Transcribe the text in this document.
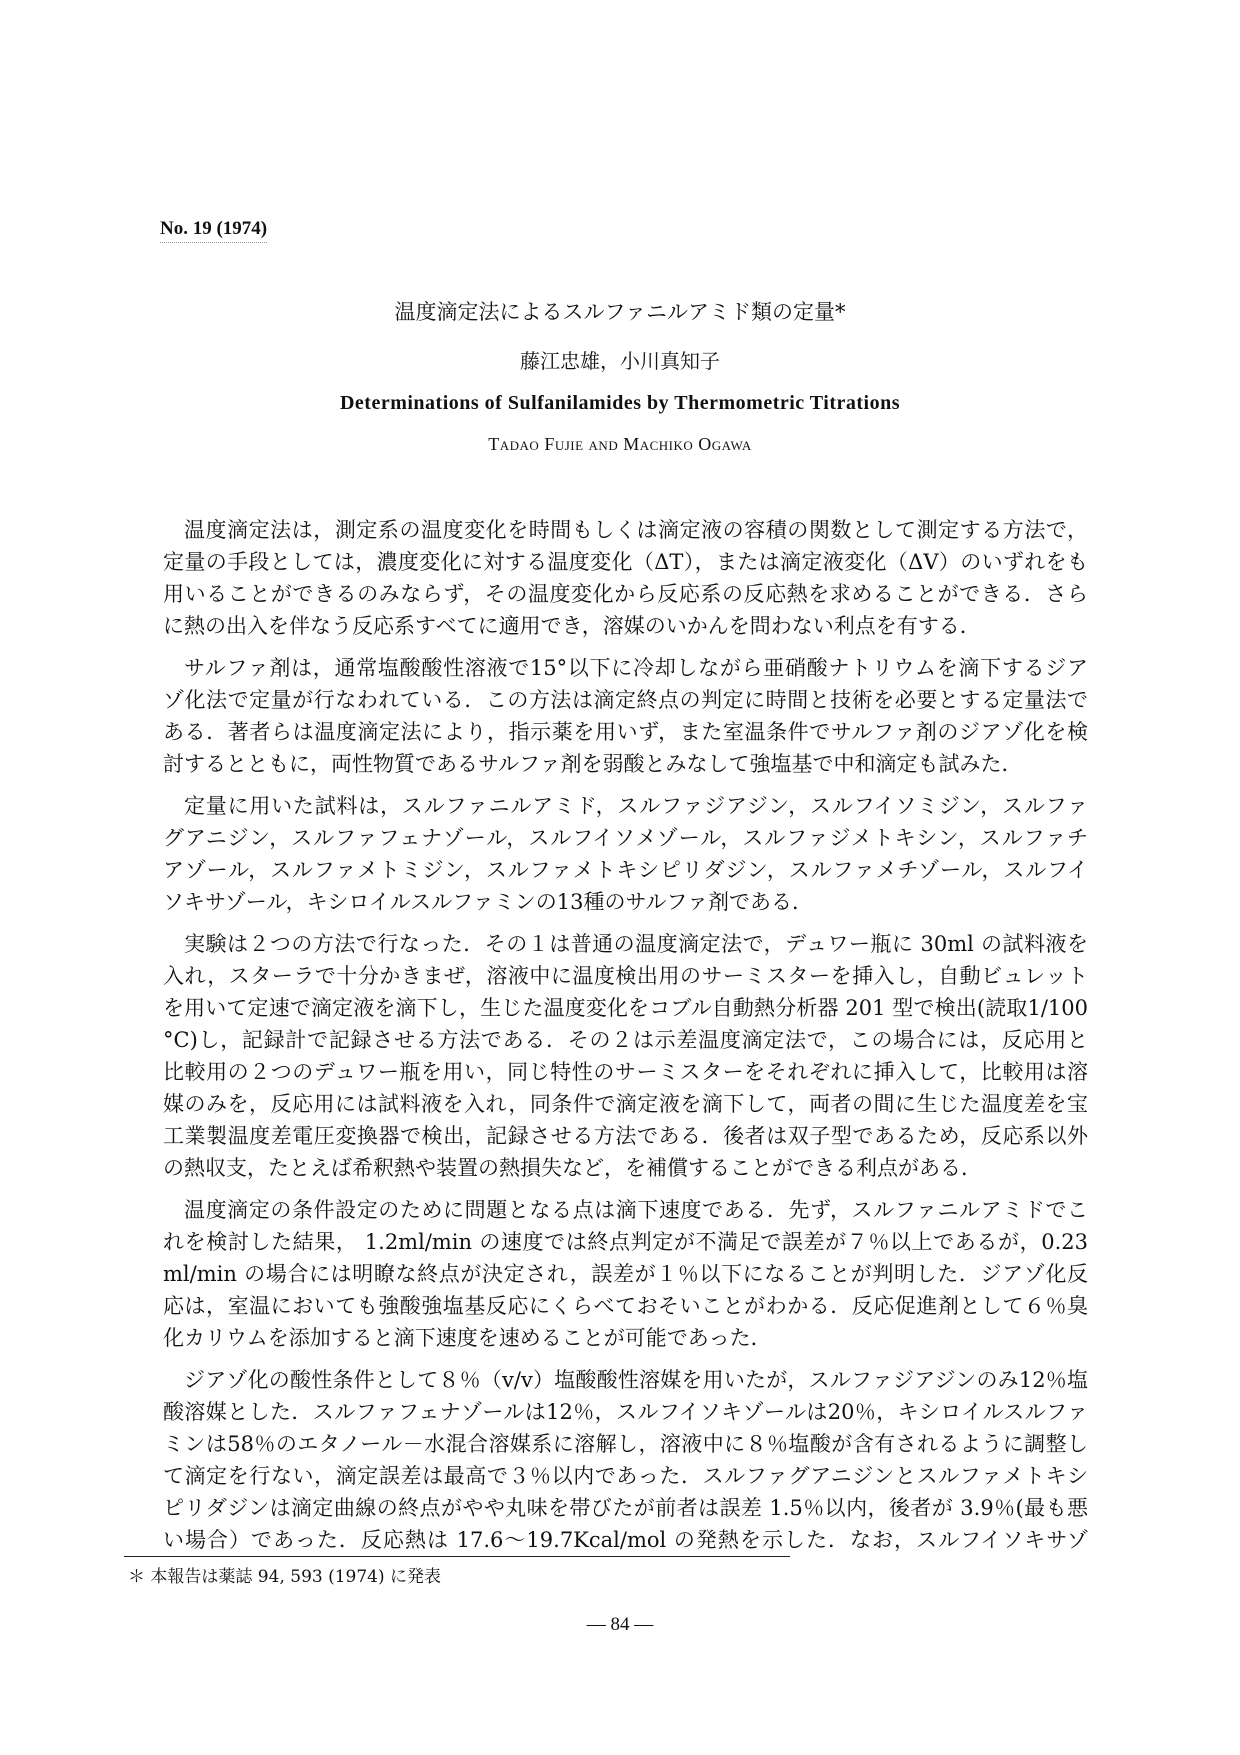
No. 19 (1974)
温度滴定法によるスルファニルアミド類の定量*
藤江忠雄，小川真知子
Determinations of Sulfanilamides by Thermometric Titrations
Tadao Fujie and Machiko Ogawa
温度滴定法は，測定系の温度変化を時間もしくは滴定液の容積の関数として測定する方法で，
定量の手段としては，濃度変化に対する温度変化（ΔT），または滴定液変化（ΔV）のいずれをも
用いることができるのみならず，その温度変化から反応系の反応熱を求めることができる．さら
に熱の出入を伴なう反応系すべてに適用でき，溶媒のいかんを問わない利点を有する．
サルファ剤は，通常塩酸酸性溶液で15°以下に冷却しながら亜硝酸ナトリウムを滴下するジア
ゾ化法で定量が行なわれている．この方法は滴定終点の判定に時間と技術を必要とする定量法で
ある．著者らは温度滴定法により，指示薬を用いず，また室温条件でサルファ剤のジアゾ化を検
討するとともに，両性物質であるサルファ剤を弱酸とみなして強塩基で中和滴定も試みた．
定量に用いた試料は，スルファニルアミド，スルファジアジン，スルフイソミジン，スルファ
グアニジン，スルファフェナゾール，スルフイソメゾール，スルファジメトキシン，スルファチ
アゾール，スルファメトミジン，スルファメトキシピリダジン，スルファメチゾール，スルフイ
ソキサゾール，キシロイルスルファミンの13種のサルファ剤である．
実験は２つの方法で行なった．その１は普通の温度滴定法で，デュワー瓶に 30ml の試料液を
入れ，スターラで十分かきまぜ，溶液中に温度検出用のサーミスターを挿入し，自動ビュレット
を用いて定速で滴定液を滴下し，生じた温度変化をコブル自動熱分析器 201 型で検出(読取1/100
°C)し，記録計で記録させる方法である．その２は示差温度滴定法で，この場合には，反応用と
比較用の２つのデュワー瓶を用い，同じ特性のサーミスターをそれぞれに挿入して，比較用は溶
媒のみを，反応用には試料液を入れ，同条件で滴定液を滴下して，両者の間に生じた温度差を宝
工業製温度差電圧変換器で検出，記録させる方法である．後者は双子型であるため，反応系以外
の熱収支，たとえば希釈熱や装置の熱損失など，を補償することができる利点がある．
温度滴定の条件設定のために問題となる点は滴下速度である．先ず，スルファニルアミドでこ
れを検討した結果， 1.2ml/min の速度では終点判定が不満足で誤差が７％以上であるが，0.23
ml/min の場合には明瞭な終点が決定され，誤差が１％以下になることが判明した．ジアゾ化反
応は，室温においても強酸強塩基反応にくらべておそいことがわかる．反応促進剤として６％臭
化カリウムを添加すると滴下速度を速めることが可能であった．
ジアゾ化の酸性条件として８％（v/v）塩酸酸性溶媒を用いたが，スルファジアジンのみ12％塩
酸溶媒とした．スルファフェナゾールは12％，スルフイソキゾールは20％，キシロイルスルファ
ミンは58％のエタノール－水混合溶媒系に溶解し，溶液中に８％塩酸が含有されるように調整し
て滴定を行ない，滴定誤差は最高で３％以内であった．スルファグアニジンとスルファメトキシ
ピリダジンは滴定曲線の終点がやや丸味を帯びたが前者は誤差 1.5％以内，後者が 3.9％(最も悪
い場合）であった．反応熱は 17.6～19.7Kcal/mol の発熱を示した．なお，スルフイソキサゾ
＊ 本報告は薬誌 94, 593 (1974) に発表
— 84 —
